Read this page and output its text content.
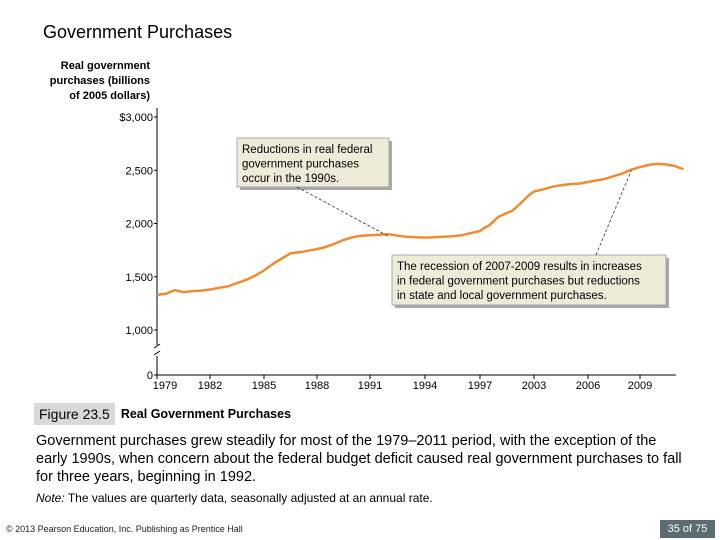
Government Purchases
Real government
purchases (billions
of 2005 dollars)
$3,000
2,500
2,000
1,500
1,000
0
1979 1982	1985	1988	1991	1994	1997	2003	2006	2009
Reductions in real federal
government purchases
occur in the 1990s.
The recession of 2007-2009 results in increases
in federal government purchases but reductions
in state and local government purchases.
Figure 23.5 Real Government Purchases
Government purchases grew steadily for most of the 1979–2011 period, with the exception of the early 1990s, when concern about the federal budget deficit caused real government purchases to fall for three years, beginning in 1992.
Note: The values are quarterly data, seasonally adjusted at an annual rate.
© 2013 Pearson Education, Inc. Publishing as Prentice Hall	35 of 75
